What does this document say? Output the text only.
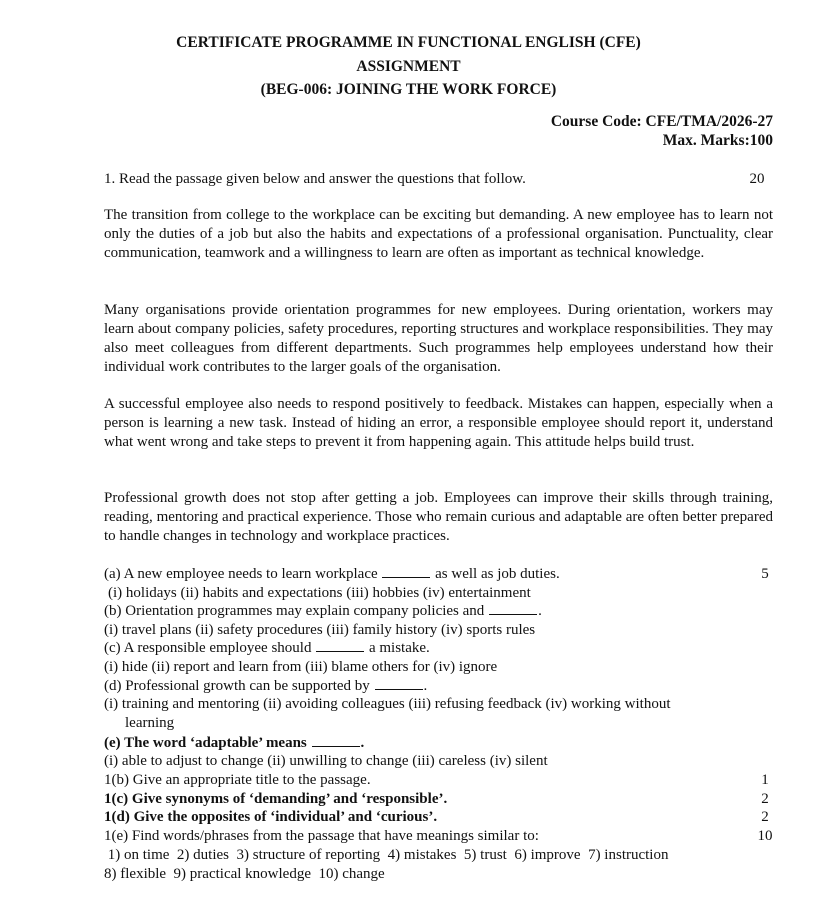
CERTIFICATE PROGRAMME IN FUNCTIONAL ENGLISH (CFE)
ASSIGNMENT
(BEG-006: JOINING THE WORK FORCE)
Course Code: CFE/TMA/2026-27
Max. Marks:100
1. Read the passage given below and answer the questions that follow.	20

The transition from college to the workplace can be exciting but demanding. A new employee has to learn not only the duties of a job but also the habits and expectations of a professional organisation. Punctuality, clear communication, teamwork and a willingness to learn are often as important as technical knowledge.

Many organisations provide orientation programmes for new employees. During orientation, workers may learn about company policies, safety procedures, reporting structures and workplace responsibilities. They may also meet colleagues from different departments. Such programmes help employees understand how their individual work contributes to the larger goals of the organisation.

A successful employee also needs to respond positively to feedback. Mistakes can happen, especially when a person is learning a new task. Instead of hiding an error, a responsible employee should report it, understand what went wrong and take steps to prevent it from happening again. This attitude helps build trust.

Professional growth does not stop after getting a job. Employees can improve their skills through training, reading, mentoring and practical experience. Those who remain curious and adaptable are often better prepared to handle changes in technology and workplace practices.

(a) A new employee needs to learn workplace	as well as job duties.	5
(i) holidays (ii) habits and expectations (iii) hobbies (iv) entertainment
(b) Orientation programmes may explain company policies and	.
(i) travel plans (ii) safety procedures (iii) family history (iv) sports rules
(c) A responsible employee should	a mistake.
(i) hide (ii) report and learn from (iii) blame others for (iv) ignore
(d) Professional growth can be supported by	.
(i) training and mentoring (ii) avoiding colleagues (iii) refusing feedback (iv) working without
learning
(e) The word ‘adaptable’ means	.
(i) able to adjust to change (ii) unwilling to change (iii) careless (iv) silent
1(b) Give an appropriate title to the passage.	1
1(c) Give synonyms of ‘demanding’ and ‘responsible’.	2
1(d) Give the opposites of ‘individual’ and ‘curious’.	2
1(e) Find words/phrases from the passage that have meanings similar to:	10
1) on time  2) duties  3) structure of reporting  4) mistakes  5) trust  6) improve  7) instruction
8) flexible  9) practical knowledge  10) change
